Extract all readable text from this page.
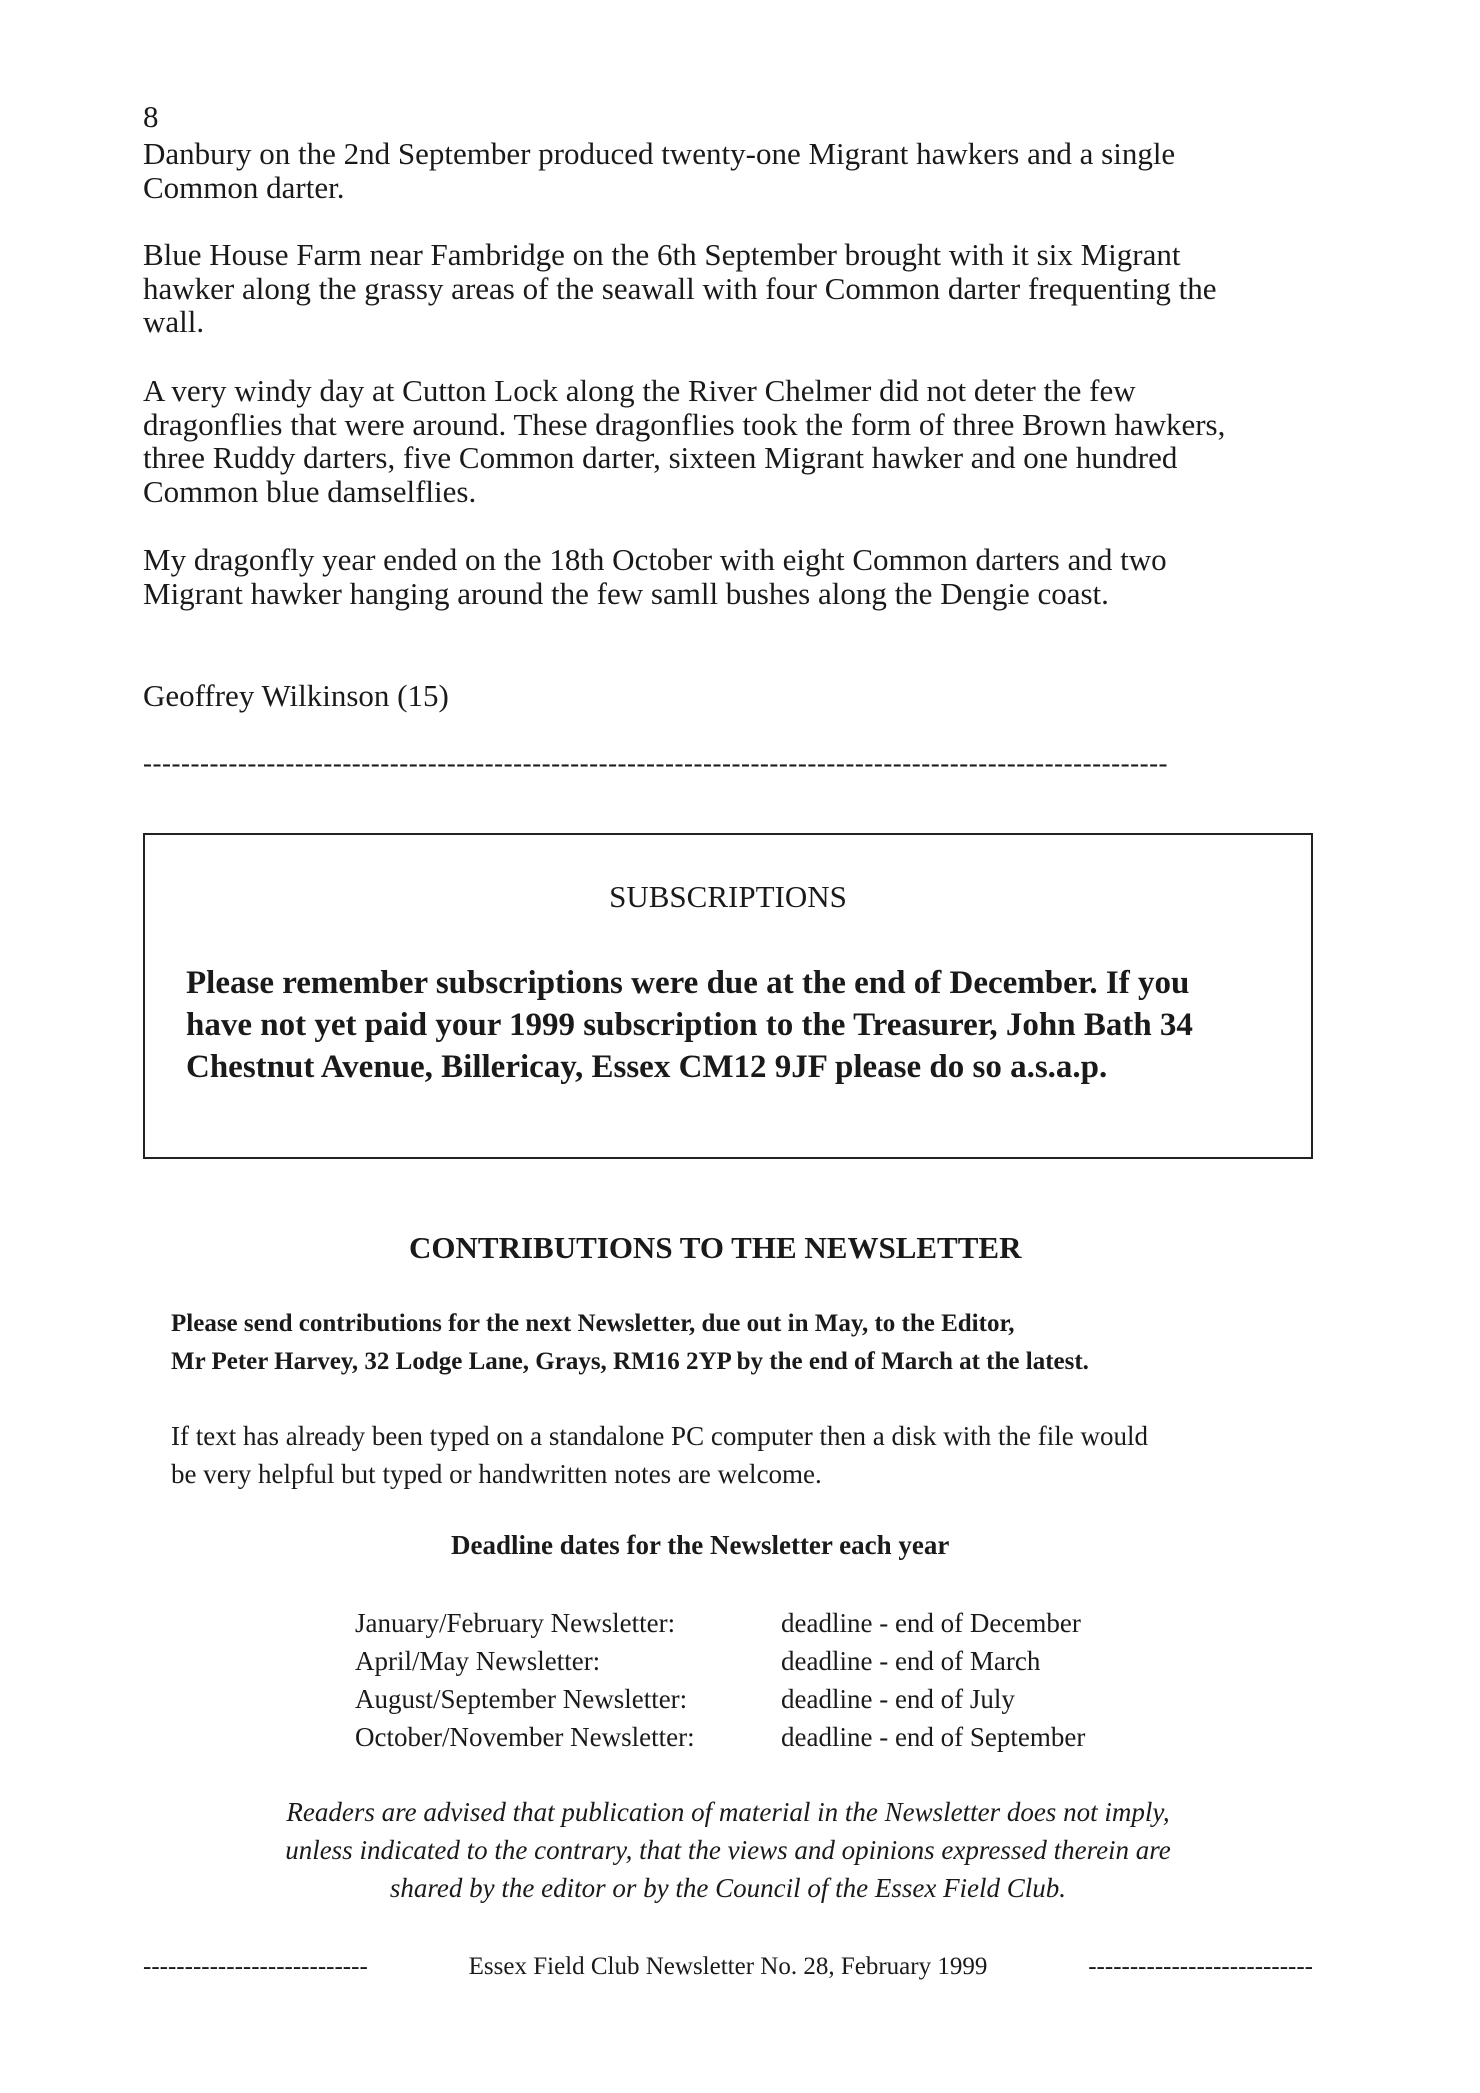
8
Danbury on the 2nd September produced twenty-one Migrant hawkers and a single
Common darter.
Blue House Farm near Fambridge on the 6th September brought with it six Migrant
hawker along the grassy areas of the seawall with four Common darter frequenting the
wall.
A very windy day at Cutton Lock along the River Chelmer did not deter the few
dragonflies that were around. These dragonflies took the form of three Brown hawkers,
three Ruddy darters, five Common darter, sixteen Migrant hawker and one hundred
Common blue damselflies.
My dragonfly year ended on the 18th October with eight Common darters and two
Migrant hawker hanging around the few samll bushes along the Dengie coast.
Geoffrey Wilkinson (15)
------------------------------------------------------------------------------------------------------------
SUBSCRIPTIONS
Please remember subscriptions were due at the end of December. If you
have not yet paid your 1999 subscription to the Treasurer, John Bath 34
Chestnut Avenue, Billericay, Essex CM12 9JF please do so a.s.a.p.
CONTRIBUTIONS TO THE NEWSLETTER
Please send contributions for the next Newsletter, due out in May, to the Editor,
Mr Peter Harvey, 32 Lodge Lane, Grays, RM16 2YP by the end of March at the latest.
If text has already been typed on a standalone PC computer then a disk with the file would
be very helpful but typed or handwritten notes are welcome.
Deadline dates for the Newsletter each year
January/February Newsletter:	deadline - end of December
April/May Newsletter:	deadline - end of March
August/September Newsletter:	deadline - end of July
October/November Newsletter:	deadline - end of September
Readers are advised that publication of material in the Newsletter does not imply,
unless indicated to the contrary, that the views and opinions expressed therein are
shared by the editor or by the Council of the Essex Field Club.
---------------------------	Essex Field Club Newsletter No. 28, February 1999	---------------------------
